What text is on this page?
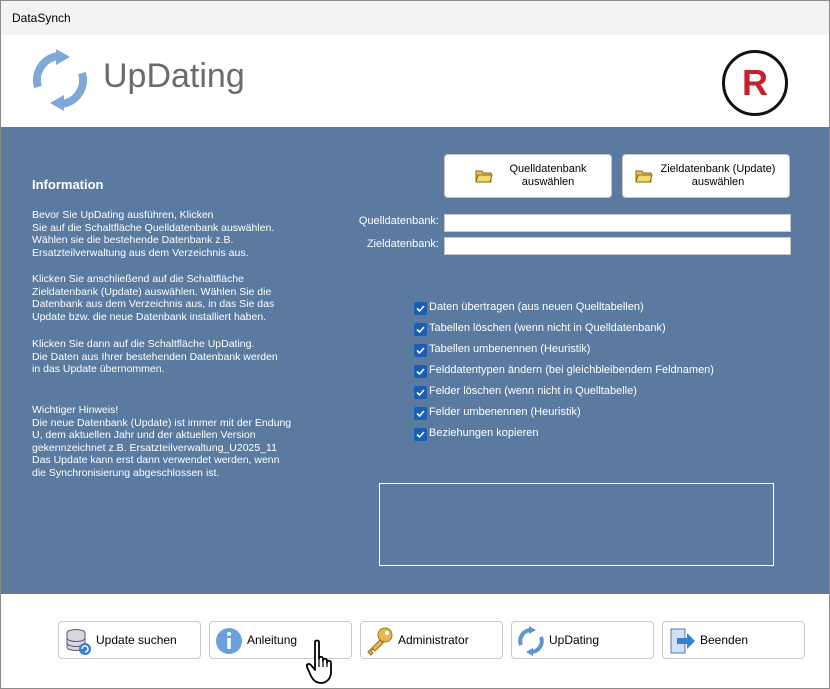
DataSynch
UpDating	R
Information
Bevor Sie UpDating ausführen, Klicken
Sie auf die Schaltfläche Quelldatenbank auswählen.
Wählen sie die bestehende Datenbank z.B.
Ersatzteilverwaltung aus dem Verzeichnis aus.
Klicken Sie anschließend auf die Schaltfläche
Zieldatenbank (Update) auswählen. Wählen Sie die
Datenbank aus dem Verzeichnis aus, in das Sie das
Update bzw. die neue Datenbank installiert haben.
Klicken Sie dann auf die Schaltfläche UpDating.
Die Daten aus Ihrer bestehenden Datenbank werden
in das Update übernommen.
Wichtiger Hinweis!
Die neue Datenbank (Update) ist immer mit der Endung
U, dem aktuellen Jahr und der aktuellen Version
gekennzeichnet z.B. Ersatzteilverwaltung_U2025_11
Das Update kann erst dann verwendet werden, wenn
die Synchronisierung abgeschlossen ist.
Quelldatenbank
auswählen
Zieldatenbank (Update)
auswählen
Quelldatenbank:
Zieldatenbank:
Daten übertragen (aus neuen Quelltabellen)
Tabellen löschen (wenn nicht in Quelldatenbank)
Tabellen umbenennen (Heuristik)
Felddatentypen ändern (bei gleichbleibendem Feldnamen)
Felder löschen (wenn nicht in Quelltabelle)
Felder umbenennen (Heuristik)
Beziehungen kopieren
Update suchen	Anleitung	Administrator	UpDating	Beenden
